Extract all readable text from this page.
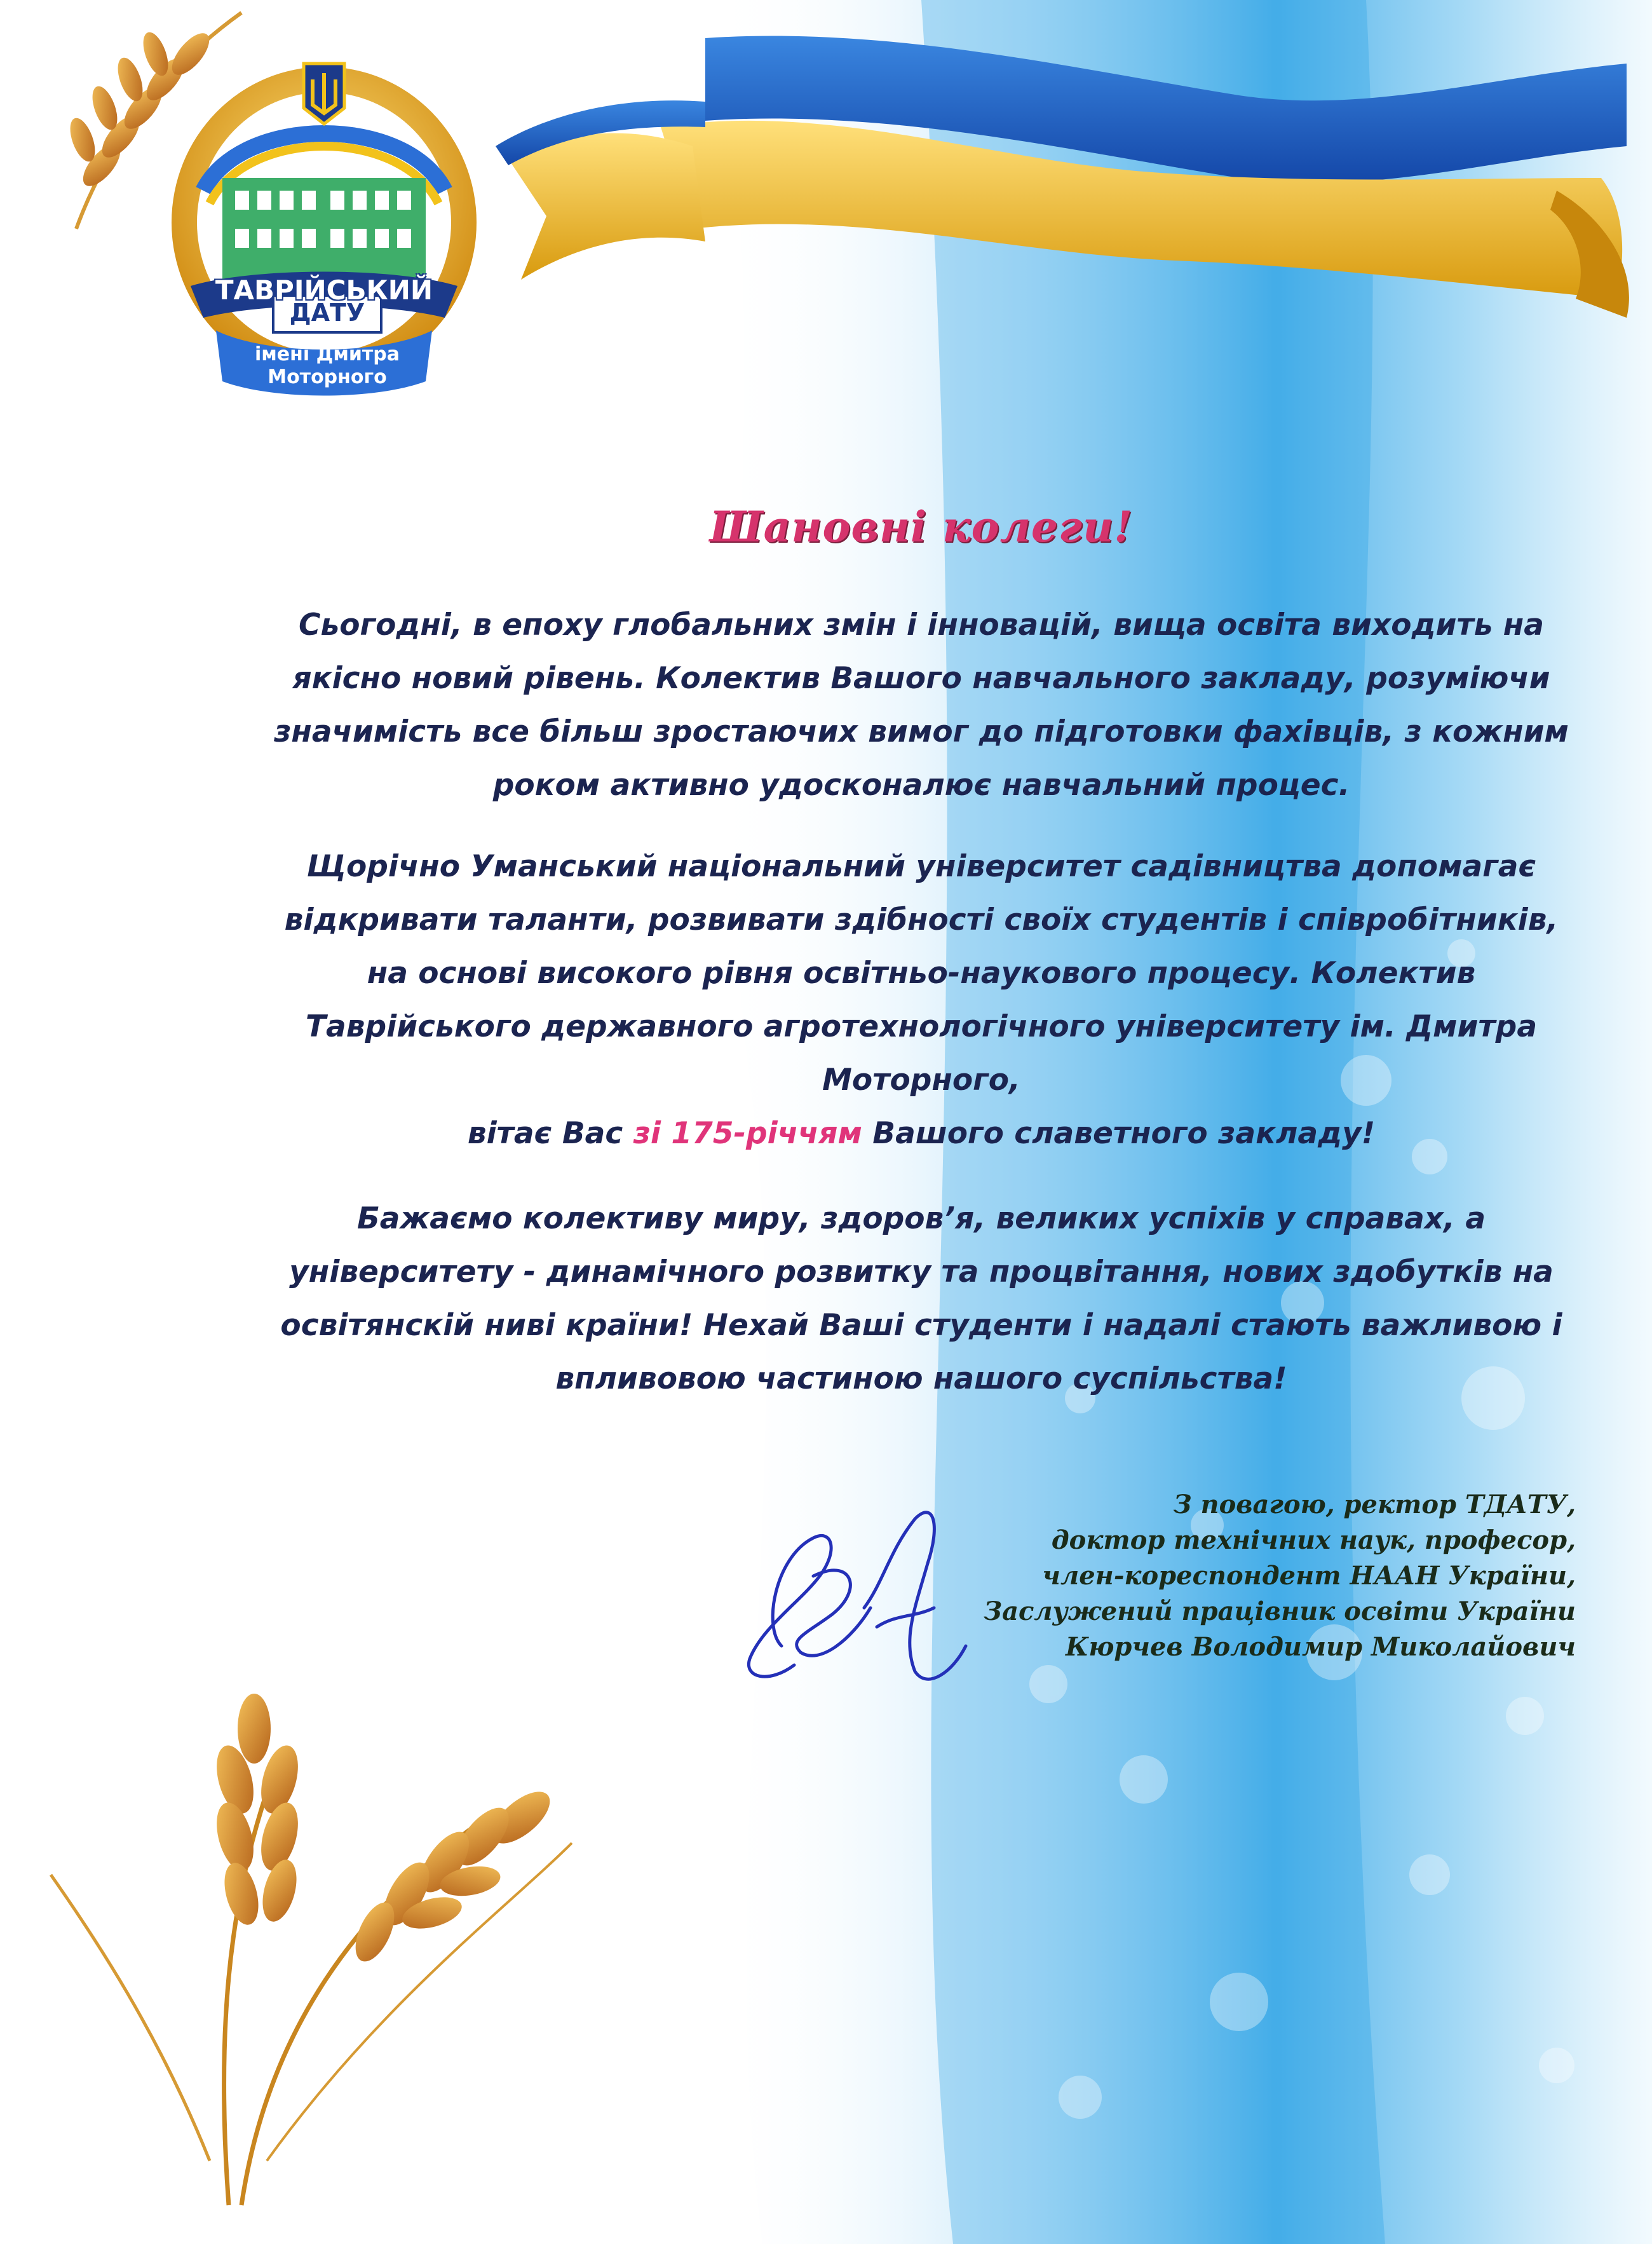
ТАВРІЙСЬКИЙ
ДАТУ
імені Дмитра Моторного
Шановні колеги!

Сьогодні, в епоху глобальних змін і інновацій, вища освіта виходить на якісно новий рівень. Колектив Вашого навчального закладу, розуміючи значимість все більш зростаючих вимог до підготовки фахівців, з кожним роком активно удосконалює навчальний процес.

Щорічно Уманський національний університет садівництва допомагає відкривати таланти, розвивати здібності своїх студентів і співробітників, на основі високого рівня освітньо-наукового процесу. Колектив Таврійського державного агротехнологічного університету ім. Дмитра Моторного,
вітає Вас зі 175-річчям Вашого славетного закладу!

Бажаємо колективу миру, здоров’я, великих успіхів у справах, а університету - динамічного розвитку та процвітання, нових здобутків на освітянскій ниві країни! Нехай Ваші студенти і надалі стають важливою і впливовою частиною нашого суспільства!

З повагою, ректор ТДАТУ,
доктор технічних наук, професор,
член-кореспондент НААН України,
Заслужений працівник освіти України
Кюрчев Володимир Миколайович
